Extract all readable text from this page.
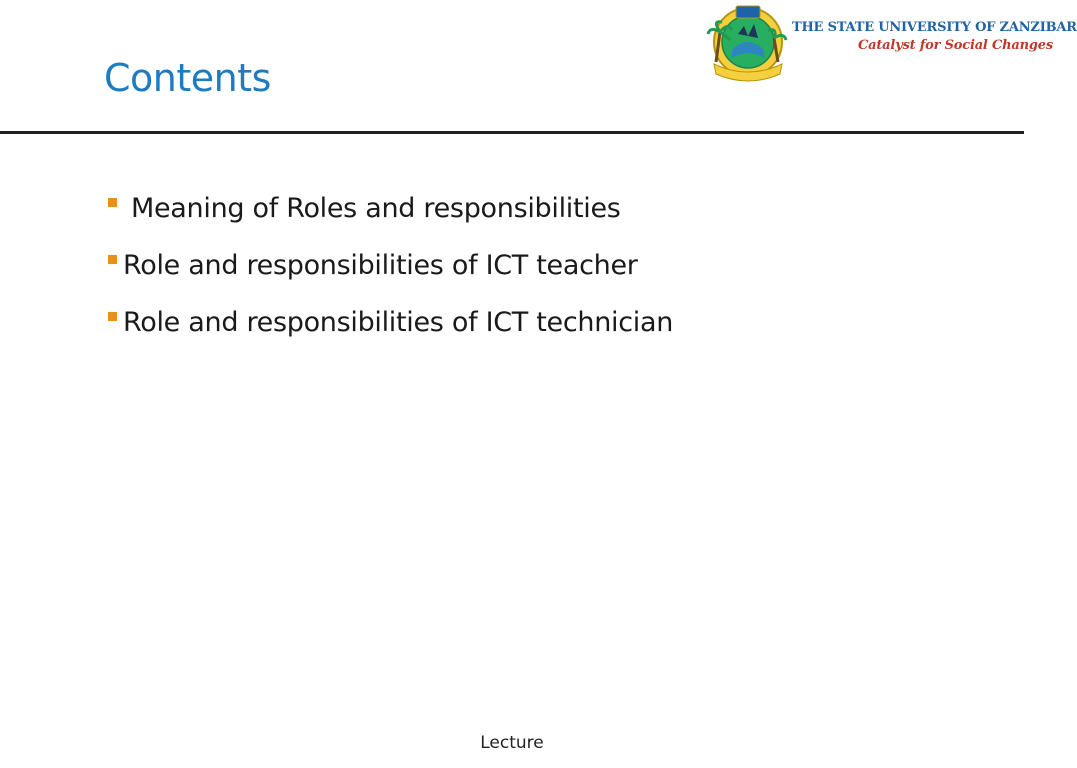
Contents
THE STATE UNIVERSITY OF ZANZIBAR
Catalyst for Social Changes
Meaning of Roles and responsibilities
Role and responsibilities of ICT teacher
Role and responsibilities of ICT technician
Lecture
